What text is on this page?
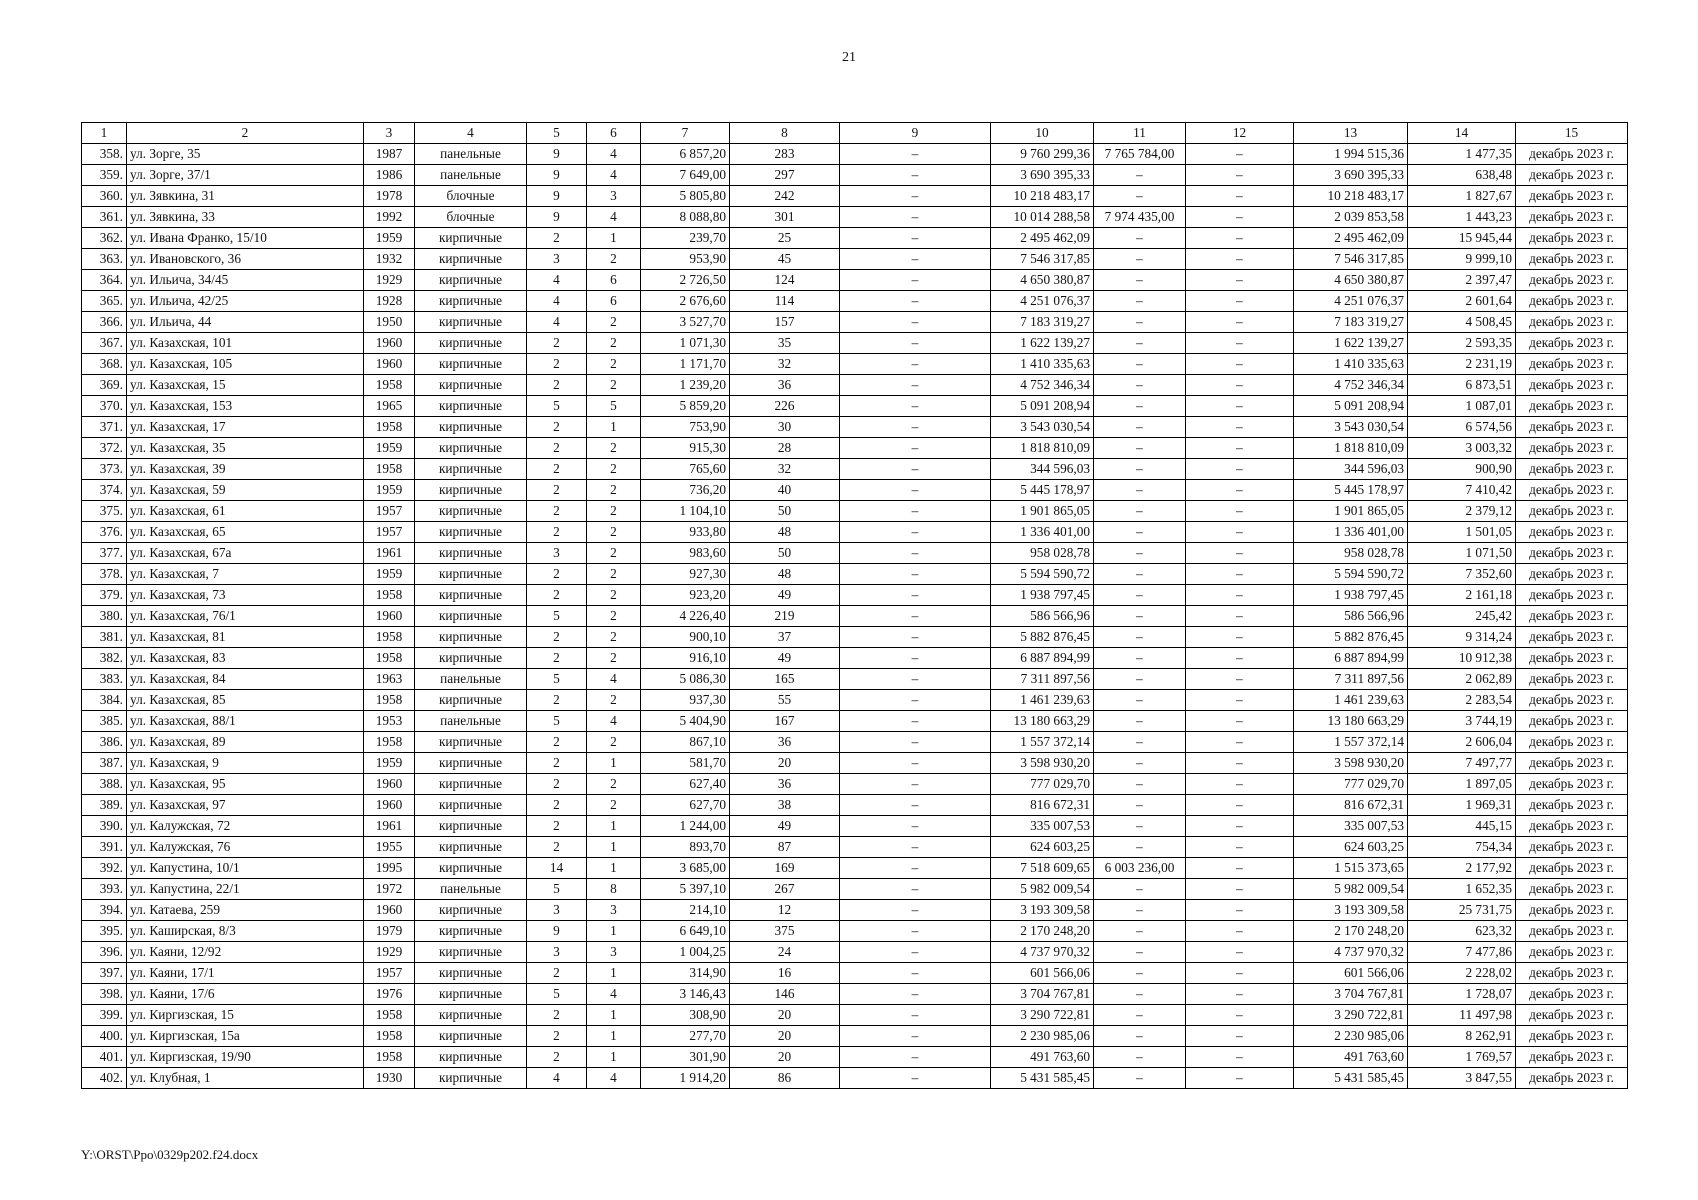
21
1	2	3	4	5	6	7	8	9	10	11	12	13	14	15
358.	ул. Зорге, 35	1987	панельные	9	4	6 857,20	283	–	9 760 299,36	7 765 784,00	–	1 994 515,36	1 477,35	декабрь 2023 г.
359.	ул. Зорге, 37/1	1986	панельные	9	4	7 649,00	297	–	3 690 395,33	–	–	3 690 395,33	638,48	декабрь 2023 г.
360.	ул. Зявкина, 31	1978	блочные	9	3	5 805,80	242	–	10 218 483,17	–	–	10 218 483,17	1 827,67	декабрь 2023 г.
361.	ул. Зявкина, 33	1992	блочные	9	4	8 088,80	301	–	10 014 288,58	7 974 435,00	–	2 039 853,58	1 443,23	декабрь 2023 г.
362.	ул. Ивана Франко, 15/10	1959	кирпичные	2	1	239,70	25	–	2 495 462,09	–	–	2 495 462,09	15 945,44	декабрь 2023 г.
363.	ул. Ивановского, 36	1932	кирпичные	3	2	953,90	45	–	7 546 317,85	–	–	7 546 317,85	9 999,10	декабрь 2023 г.
364.	ул. Ильича, 34/45	1929	кирпичные	4	6	2 726,50	124	–	4 650 380,87	–	–	4 650 380,87	2 397,47	декабрь 2023 г.
365.	ул. Ильича, 42/25	1928	кирпичные	4	6	2 676,60	114	–	4 251 076,37	–	–	4 251 076,37	2 601,64	декабрь 2023 г.
366.	ул. Ильича, 44	1950	кирпичные	4	2	3 527,70	157	–	7 183 319,27	–	–	7 183 319,27	4 508,45	декабрь 2023 г.
367.	ул. Казахская, 101	1960	кирпичные	2	2	1 071,30	35	–	1 622 139,27	–	–	1 622 139,27	2 593,35	декабрь 2023 г.
368.	ул. Казахская, 105	1960	кирпичные	2	2	1 171,70	32	–	1 410 335,63	–	–	1 410 335,63	2 231,19	декабрь 2023 г.
369.	ул. Казахская, 15	1958	кирпичные	2	2	1 239,20	36	–	4 752 346,34	–	–	4 752 346,34	6 873,51	декабрь 2023 г.
370.	ул. Казахская, 153	1965	кирпичные	5	5	5 859,20	226	–	5 091 208,94	–	–	5 091 208,94	1 087,01	декабрь 2023 г.
371.	ул. Казахская, 17	1958	кирпичные	2	1	753,90	30	–	3 543 030,54	–	–	3 543 030,54	6 574,56	декабрь 2023 г.
372.	ул. Казахская, 35	1959	кирпичные	2	2	915,30	28	–	1 818 810,09	–	–	1 818 810,09	3 003,32	декабрь 2023 г.
373.	ул. Казахская, 39	1958	кирпичные	2	2	765,60	32	–	344 596,03	–	–	344 596,03	900,90	декабрь 2023 г.
374.	ул. Казахская, 59	1959	кирпичные	2	2	736,20	40	–	5 445 178,97	–	–	5 445 178,97	7 410,42	декабрь 2023 г.
375.	ул. Казахская, 61	1957	кирпичные	2	2	1 104,10	50	–	1 901 865,05	–	–	1 901 865,05	2 379,12	декабрь 2023 г.
376.	ул. Казахская, 65	1957	кирпичные	2	2	933,80	48	–	1 336 401,00	–	–	1 336 401,00	1 501,05	декабрь 2023 г.
377.	ул. Казахская, 67а	1961	кирпичные	3	2	983,60	50	–	958 028,78	–	–	958 028,78	1 071,50	декабрь 2023 г.
378.	ул. Казахская, 7	1959	кирпичные	2	2	927,30	48	–	5 594 590,72	–	–	5 594 590,72	7 352,60	декабрь 2023 г.
379.	ул. Казахская, 73	1958	кирпичные	2	2	923,20	49	–	1 938 797,45	–	–	1 938 797,45	2 161,18	декабрь 2023 г.
380.	ул. Казахская, 76/1	1960	кирпичные	5	2	4 226,40	219	–	586 566,96	–	–	586 566,96	245,42	декабрь 2023 г.
381.	ул. Казахская, 81	1958	кирпичные	2	2	900,10	37	–	5 882 876,45	–	–	5 882 876,45	9 314,24	декабрь 2023 г.
382.	ул. Казахская, 83	1958	кирпичные	2	2	916,10	49	–	6 887 894,99	–	–	6 887 894,99	10 912,38	декабрь 2023 г.
383.	ул. Казахская, 84	1963	панельные	5	4	5 086,30	165	–	7 311 897,56	–	–	7 311 897,56	2 062,89	декабрь 2023 г.
384.	ул. Казахская, 85	1958	кирпичные	2	2	937,30	55	–	1 461 239,63	–	–	1 461 239,63	2 283,54	декабрь 2023 г.
385.	ул. Казахская, 88/1	1953	панельные	5	4	5 404,90	167	–	13 180 663,29	–	–	13 180 663,29	3 744,19	декабрь 2023 г.
386.	ул. Казахская, 89	1958	кирпичные	2	2	867,10	36	–	1 557 372,14	–	–	1 557 372,14	2 606,04	декабрь 2023 г.
387.	ул. Казахская, 9	1959	кирпичные	2	1	581,70	20	–	3 598 930,20	–	–	3 598 930,20	7 497,77	декабрь 2023 г.
388.	ул. Казахская, 95	1960	кирпичные	2	2	627,40	36	–	777 029,70	–	–	777 029,70	1 897,05	декабрь 2023 г.
389.	ул. Казахская, 97	1960	кирпичные	2	2	627,70	38	–	816 672,31	–	–	816 672,31	1 969,31	декабрь 2023 г.
390.	ул. Калужская, 72	1961	кирпичные	2	1	1 244,00	49	–	335 007,53	–	–	335 007,53	445,15	декабрь 2023 г.
391.	ул. Калужская, 76	1955	кирпичные	2	1	893,70	87	–	624 603,25	–	–	624 603,25	754,34	декабрь 2023 г.
392.	ул. Капустина, 10/1	1995	кирпичные	14	1	3 685,00	169	–	7 518 609,65	6 003 236,00	–	1 515 373,65	2 177,92	декабрь 2023 г.
393.	ул. Капустина, 22/1	1972	панельные	5	8	5 397,10	267	–	5 982 009,54	–	–	5 982 009,54	1 652,35	декабрь 2023 г.
394.	ул. Катаева, 259	1960	кирпичные	3	3	214,10	12	–	3 193 309,58	–	–	3 193 309,58	25 731,75	декабрь 2023 г.
395.	ул. Каширская, 8/3	1979	кирпичные	9	1	6 649,10	375	–	2 170 248,20	–	–	2 170 248,20	623,32	декабрь 2023 г.
396.	ул. Каяни, 12/92	1929	кирпичные	3	3	1 004,25	24	–	4 737 970,32	–	–	4 737 970,32	7 477,86	декабрь 2023 г.
397.	ул. Каяни, 17/1	1957	кирпичные	2	1	314,90	16	–	601 566,06	–	–	601 566,06	2 228,02	декабрь 2023 г.
398.	ул. Каяни, 17/6	1976	кирпичные	5	4	3 146,43	146	–	3 704 767,81	–	–	3 704 767,81	1 728,07	декабрь 2023 г.
399.	ул. Киргизская, 15	1958	кирпичные	2	1	308,90	20	–	3 290 722,81	–	–	3 290 722,81	11 497,98	декабрь 2023 г.
400.	ул. Киргизская, 15а	1958	кирпичные	2	1	277,70	20	–	2 230 985,06	–	–	2 230 985,06	8 262,91	декабрь 2023 г.
401.	ул. Киргизская, 19/90	1958	кирпичные	2	1	301,90	20	–	491 763,60	–	–	491 763,60	1 769,57	декабрь 2023 г.
402.	ул. Клубная, 1	1930	кирпичные	4	4	1 914,20	86	–	5 431 585,45	–	–	5 431 585,45	3 847,55	декабрь 2023 г.
Y:\ORST\Ppo\0329p202.f24.docx
